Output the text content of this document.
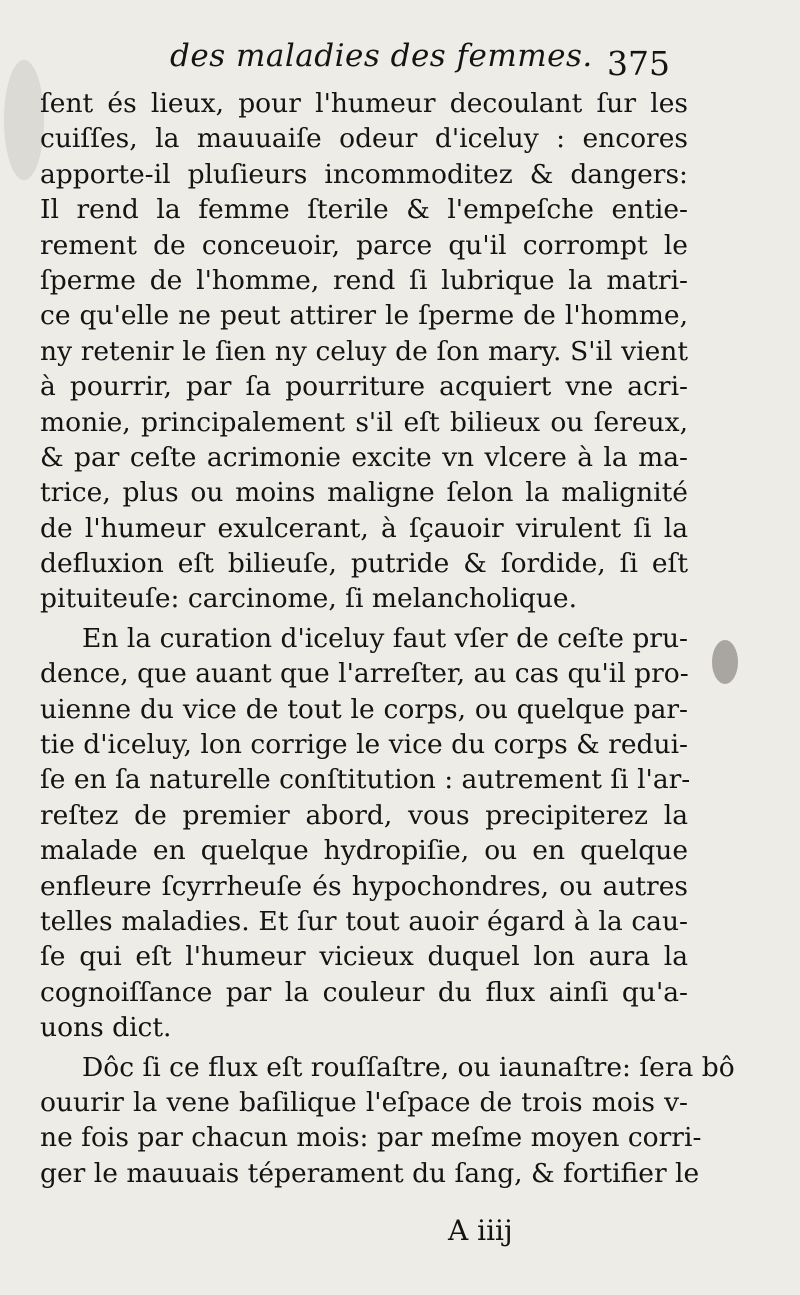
des maladies des femmes. 375
ſent és lieux, pour l'humeur decoulant ſur les
cuiſſes, la mauuaiſe odeur d'iceluy : encores
apporte-il pluſieurs incommoditez & dangers:
Il rend la femme ſterile & l'empeſche entie-
rement de conceuoir, parce qu'il corrompt le
ſperme de l'homme, rend ſi lubrique la matri-
ce qu'elle ne peut attirer le ſperme de l'homme,
ny retenir le ſien ny celuy de ſon mary. S'il vient
à pourrir, par ſa pourriture acquiert vne acri-
monie, principalement s'il eſt bilieux ou ſereux,
& par ceſte acrimonie excite vn vlcere à la ma-
trice, plus ou moins maligne ſelon la malignité
de l'humeur exulcerant, à ſçauoir virulent ſi la
defluxion eſt bilieuſe, putride & ſordide, ſi eſt
pituiteuſe: carcinome, ſi melancholique.
En la curation d'iceluy faut vſer de ceſte pru-
dence, que auant que l'arreſter, au cas qu'il pro-
uienne du vice de tout le corps, ou quelque par-
tie d'iceluy, lon corrige le vice du corps & redui-
ſe en ſa naturelle conſtitution : autrement ſi l'ar-
reſtez de premier abord, vous precipiterez la
malade en quelque hydropiſie, ou en quelque
enfleure ſcyrrheuſe és hypochondres, ou autres
telles maladies. Et ſur tout auoir égard à la cau-
ſe qui eſt l'humeur vicieux duquel lon aura la
cognoiſſance par la couleur du flux ainſi qu'a-
uons dict.
Dôc ſi ce flux eſt rouſſaſtre, ou iaunaſtre: ſera bô
ouurir la vene baſilique l'eſpace de trois mois v-
ne fois par chacun mois: par meſme moyen corri-
ger le mauuais téperament du ſang, & fortifier le
A iiij
